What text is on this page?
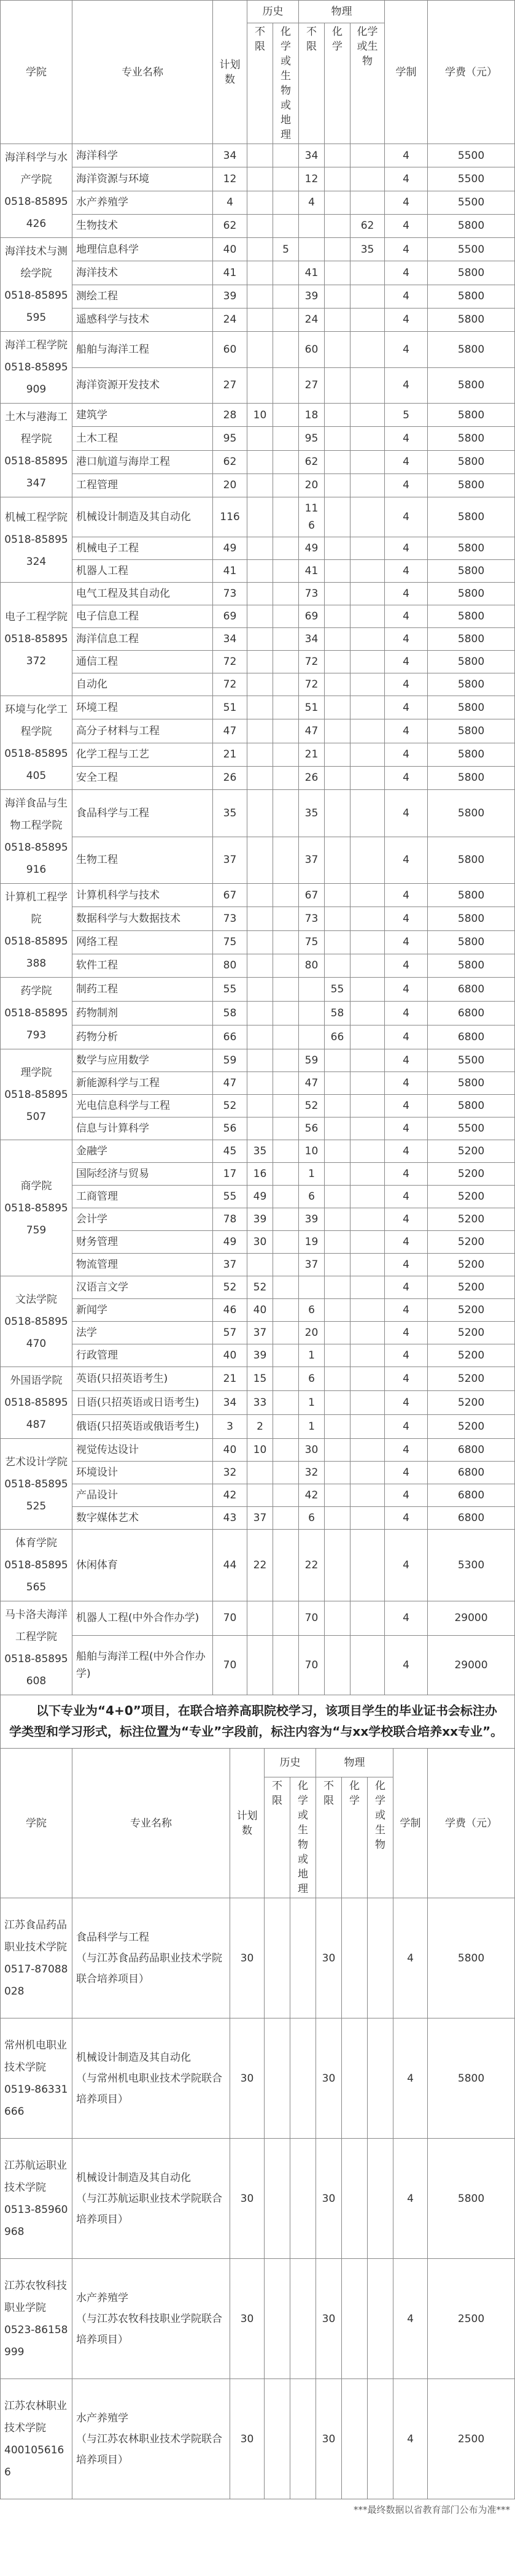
学院	专业名称	计划数	历史		物理			学制	学费（元）
			不限	化学或生物或地理	不限	化学	化学或生物		
海洋科学与水产学院
0518-85895426	海洋科学	34			34			4	5500
	海洋资源与环境	12			12			4	5500
	水产养殖学	4			4			4	5500
	生物技术	62					62	4	5800
海洋技术与测绘学院
0518-85895595	地理信息科学	40		5			35	4	5500
	海洋技术	41			41			4	5800
	测绘工程	39			39			4	5800
	遥感科学与技术	24			24			4	5800
海洋工程学院
0518-85895909	船舶与海洋工程	60			60			4	5800
	海洋资源开发技术	27			27			4	5800
土木与港海工程学院
0518-85895347	建筑学	28	10		18			5	5800
	土木工程	95			95			4	5800
	港口航道与海岸工程	62			62			4	5800
	工程管理	20			20			4	5800
机械工程学院
0518-85895324	机械设计制造及其自动化	116			116			4	5800
	机械电子工程	49			49			4	5800
	机器人工程	41			41			4	5800
电子工程学院
0518-85895372	电气工程及其自动化	73			73			4	5800
	电子信息工程	69			69			4	5800
	海洋信息工程	34			34			4	5800
	通信工程	72			72			4	5800
	自动化	72			72			4	5800
环境与化学工程学院
0518-85895405	环境工程	51			51			4	5800
	高分子材料与工程	47			47			4	5800
	化学工程与工艺	21			21			4	5800
	安全工程	26			26			4	5800
海洋食品与生物工程学院
0518-85895916	食品科学与工程	35			35			4	5800
	生物工程	37			37			4	5800
计算机工程学院
0518-85895388	计算机科学与技术	67			67			4	5800
	数据科学与大数据技术	73			73			4	5800
	网络工程	75			75			4	5800
	软件工程	80			80			4	5800
药学院
0518-85895793	制药工程	55				55		4	6800
	药物制剂	58				58		4	6800
	药物分析	66				66		4	6800
理学院
0518-85895507	数学与应用数学	59			59			4	5500
	新能源科学与工程	47			47			4	5800
	光电信息科学与工程	52			52			4	5800
	信息与计算科学	56			56			4	5500
商学院
0518-85895759	金融学	45	35		10			4	5200
	国际经济与贸易	17	16		1			4	5200
	工商管理	55	49		6			4	5200
	会计学	78	39		39			4	5200
	财务管理	49	30		19			4	5200
	物流管理	37			37			4	5200
文法学院
0518-85895470	汉语言文学	52	52					4	5200
	新闻学	46	40		6			4	5200
	法学	57	37		20			4	5200
	行政管理	40	39		1			4	5200
外国语学院
0518-85895487	英语(只招英语考生)	21	15		6			4	5200
	日语(只招英语或日语考生)	34	33		1			4	5200
	俄语(只招英语或俄语考生)	3	2		1			4	5200
艺术设计学院
0518-85895525	视觉传达设计	40	10		30			4	6800
	环境设计	32			32			4	6800
	产品设计	42			42			4	6800
	数字媒体艺术	43	37		6			4	6800
体育学院
0518-85895565	休闲体育	44	22		22			4	5300
马卡洛夫海洋工程学院
0518-85895608	机器人工程(中外合作办学)	70			70			4	29000
	船舶与海洋工程(中外合作办学)	70			70			4	29000
以下专业为“4+0”项目，在联合培养高职院校学习，该项目学生的毕业证书会标注办学类型和学习形式，标注位置为“专业”字段前，标注内容为“与xx学校联合培养xx专业”。
学院	专业名称	计划数	历史		物理			学制	学费（元）
			不限	化学或生物或地理	不限	化学	化学或生物		
江苏食品药品职业技术学院
0517-87088028	食品科学与工程
（与江苏食品药品职业技术学院联合培养项目）	30			30			4	5800
常州机电职业技术学院
0519-86331666	机械设计制造及其自动化
（与常州机电职业技术学院联合培养项目）	30			30			4	5800
江苏航运职业技术学院
0513-85960968	机械设计制造及其自动化
（与江苏航运职业技术学院联合培养项目）	30			30			4	5800
江苏农牧科技职业学院
0523-86158999	水产养殖学
（与江苏农牧科技职业学院联合培养项目）	30			30			4	2500
江苏农林职业技术学院
4001056166	水产养殖学
（与江苏农林职业技术学院联合培养项目）	30			30			4	2500
***最终数据以省教育部门公布为准***
